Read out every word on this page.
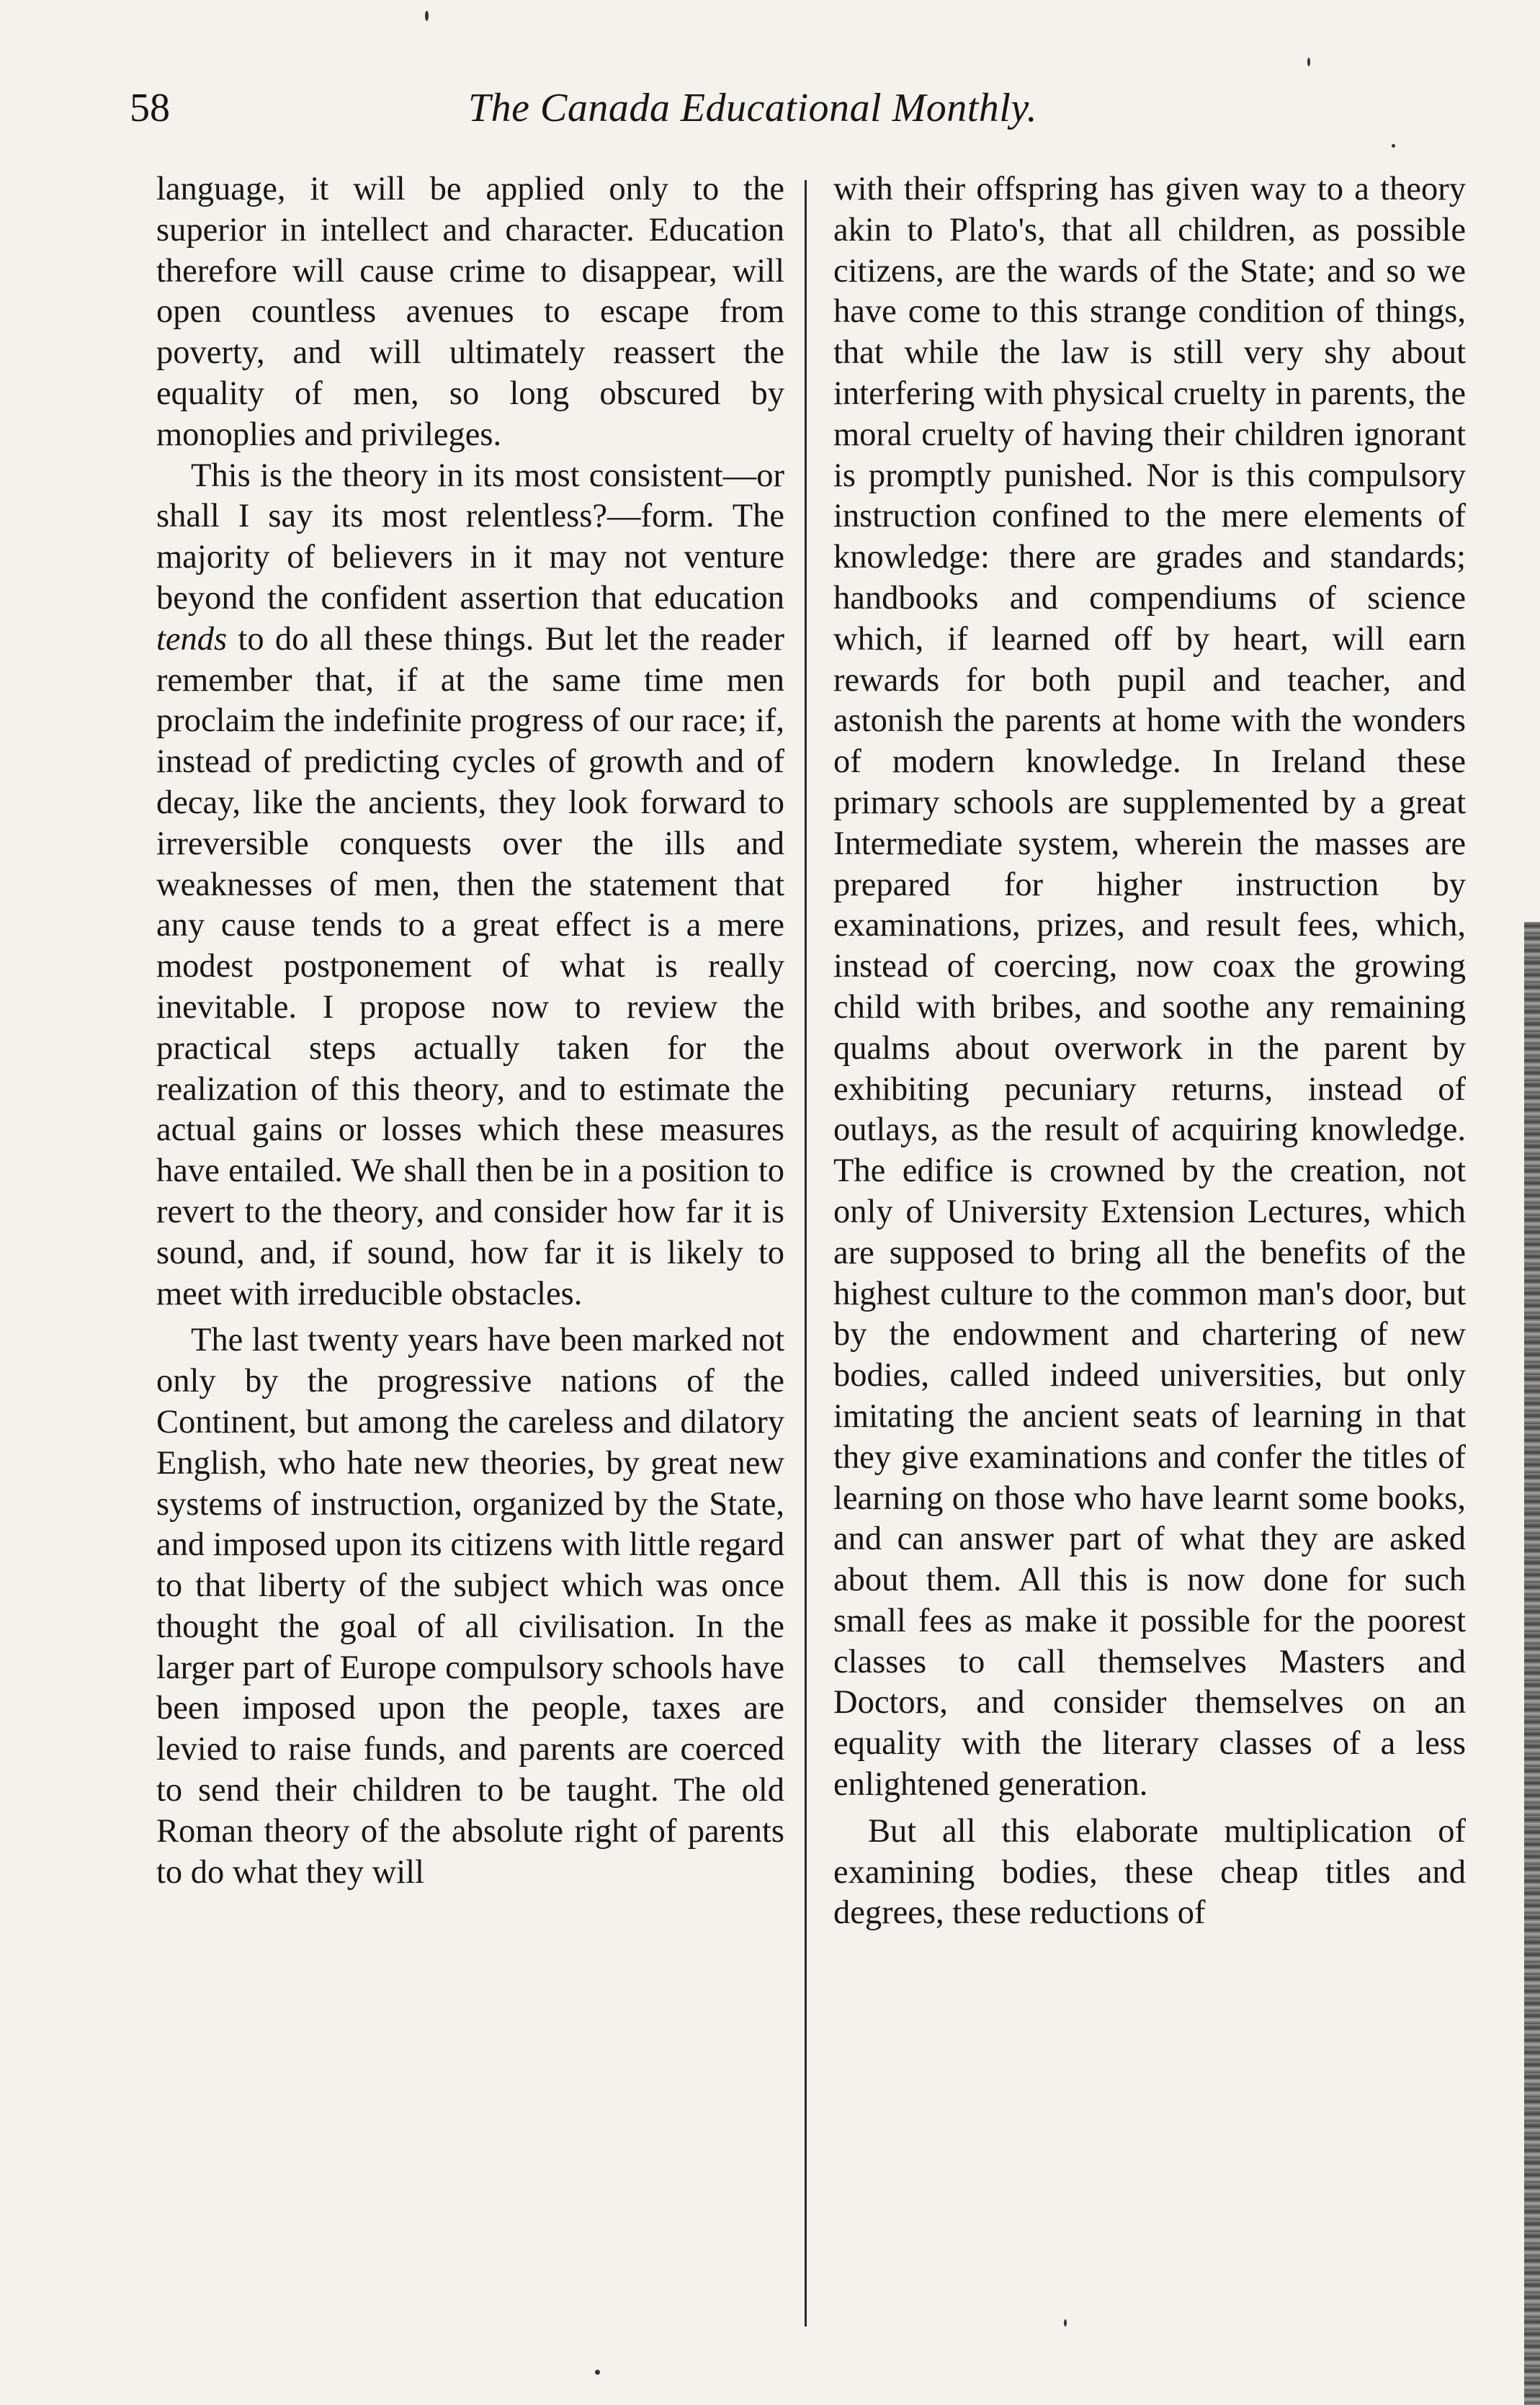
58	The Canada Educational Monthly.

language, it will be applied only to the superior in intellect and character. Education therefore will cause crime to disappear, will open countless avenues to escape from poverty, and will ultimately reassert the equality of men, so long obscured by monoplies and privileges.

This is the theory in its most consistent—or shall I say its most relentless?—form. The majority of believers in it may not venture beyond the confident assertion that education tends to do all these things. But let the reader remember that, if at the same time men proclaim the indefinite progress of our race; if, instead of predicting cycles of growth and of decay, like the ancients, they look forward to irreversible conquests over the ills and weaknesses of men, then the statement that any cause tends to a great effect is a mere modest postponement of what is really inevitable. I propose now to review the practical steps actually taken for the realization of this theory, and to estimate the actual gains or losses which these measures have entailed. We shall then be in a position to revert to the theory, and consider how far it is sound, and, if sound, how far it is likely to meet with irreducible obstacles.

The last twenty years have been marked not only by the progressive nations of the Continent, but among the careless and dilatory English, who hate new theories, by great new systems of instruction, organized by the State, and imposed upon its citizens with little regard to that liberty of the subject which was once thought the goal of all civilisation. In the larger part of Europe compulsory schools have been imposed upon the people, taxes are levied to raise funds, and parents are coerced to send their children to be taught. The old Roman theory of the absolute right of parents to do what they will

with their offspring has given way to a theory akin to Plato's, that all children, as possible citizens, are the wards of the State; and so we have come to this strange condition of things, that while the law is still very shy about interfering with physical cruelty in parents, the moral cruelty of having their children ignorant is promptly punished. Nor is this compulsory instruction confined to the mere elements of knowledge: there are grades and standards; handbooks and compendiums of science which, if learned off by heart, will earn rewards for both pupil and teacher, and astonish the parents at home with the wonders of modern knowledge. In Ireland these primary schools are supplemented by a great Intermediate system, wherein the masses are prepared for higher instruction by examinations, prizes, and result fees, which, instead of coercing, now coax the growing child with bribes, and soothe any remaining qualms about overwork in the parent by exhibiting pecuniary returns, instead of outlays, as the result of acquiring knowledge. The edifice is crowned by the creation, not only of University Extension Lectures, which are supposed to bring all the benefits of the highest culture to the common man's door, but by the endowment and chartering of new bodies, called indeed universities, but only imitating the ancient seats of learning in that they give examinations and confer the titles of learning on those who have learnt some books, and can answer part of what they are asked about them. All this is now done for such small fees as make it possible for the poorest classes to call themselves Masters and Doctors, and consider themselves on an equality with the literary classes of a less enlightened generation.

But all this elaborate multiplication of examining bodies, these cheap titles and degrees, these reductions of
